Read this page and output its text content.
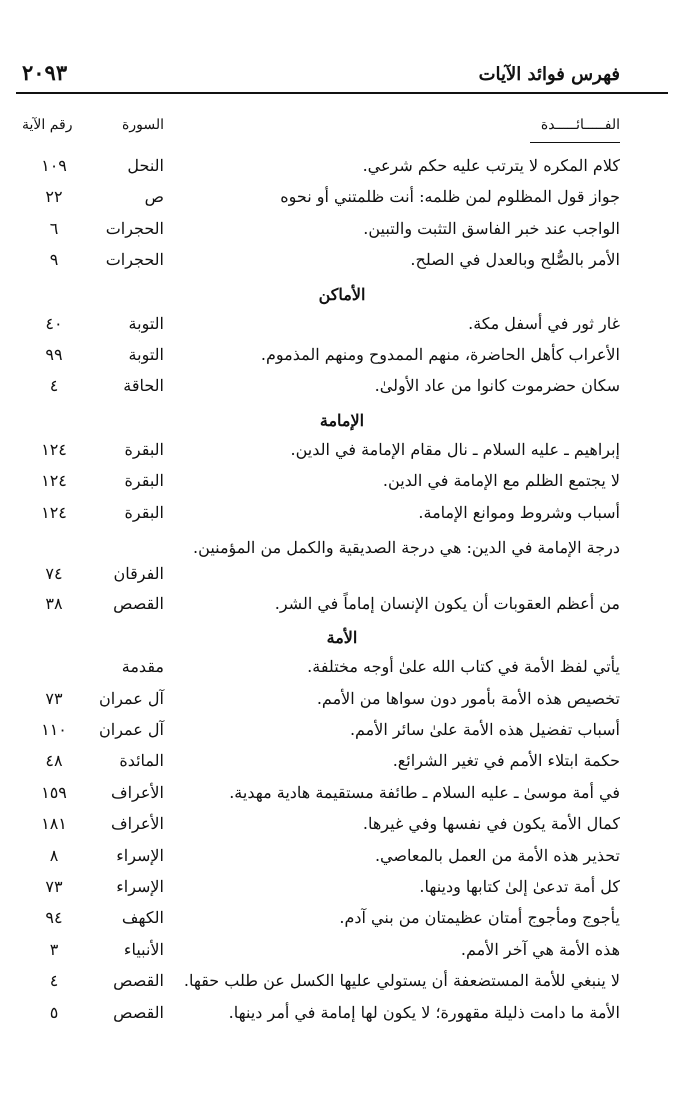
فهرس فوائد الآيات
٢٠٩٣
الفـــــائـــــدة
السورة
رقم الآية
كلام المكره لا يترتب عليه حكم شرعي.
النحل
١٠٩
جواز قول المظلوم لمن ظلمه: أنت ظلمتني أو نحوه
ص
٢٢
الواجب عند خبر الفاسق التثبت والتبين.
الحجرات
٦
الأمر بالصُّلح وبالعدل في الصلح.
الحجرات
٩
الأماكن
غار ثور في أسفل مكة.
التوبة
٤٠
الأعراب كأهل الحاضرة، منهم الممدوح ومنهم المذموم.
التوبة
٩٩
سكان حضرموت كانوا من عاد الأولىٰ.
الحاقة
٤
الإمامة
إبراهيم ـ عليه السلام ـ نال مقام الإمامة في الدين.
البقرة
١٢٤
لا يجتمع الظلم مع الإمامة في الدين.
البقرة
١٢٤
أسباب وشروط وموانع الإمامة.
البقرة
١٢٤
درجة الإمامة في الدين: هي درجة الصديقية والكمل من المؤمنين.
الفرقان
٧٤
من أعظم العقوبات أن يكون الإنسان إماماً في الشر.
القصص
٣٨
الأمة
يأتي لفظ الأمة في كتاب الله علىٰ أوجه مختلفة.
مقدمة
تخصيص هذه الأمة بأمور دون سواها من الأمم.
آل عمران
٧٣
أسباب تفضيل هذه الأمة علىٰ سائر الأمم.
آل عمران
١١٠
حكمة ابتلاء الأمم في تغير الشرائع.
المائدة
٤٨
في أمة موسىٰ ـ عليه السلام ـ طائفة مستقيمة هادية مهدية.
الأعراف
١٥٩
كمال الأمة يكون في نفسها وفي غيرها.
الأعراف
١٨١
تحذير هذه الأمة من العمل بالمعاصي.
الإسراء
٨
كل أمة تدعىٰ إلىٰ كتابها ودينها.
الإسراء
٧٣
يأجوج ومأجوج أمتان عظيمتان من بني آدم.
الكهف
٩٤
هذه الأمة هي آخر الأمم.
الأنبياء
٣
لا ينبغي للأمة المستضعفة أن يستولي عليها الكسل عن طلب حقها.
القصص
٤
الأمة ما دامت ذليلة مقهورة؛ لا يكون لها إمامة في أمر دينها.
القصص
٥
